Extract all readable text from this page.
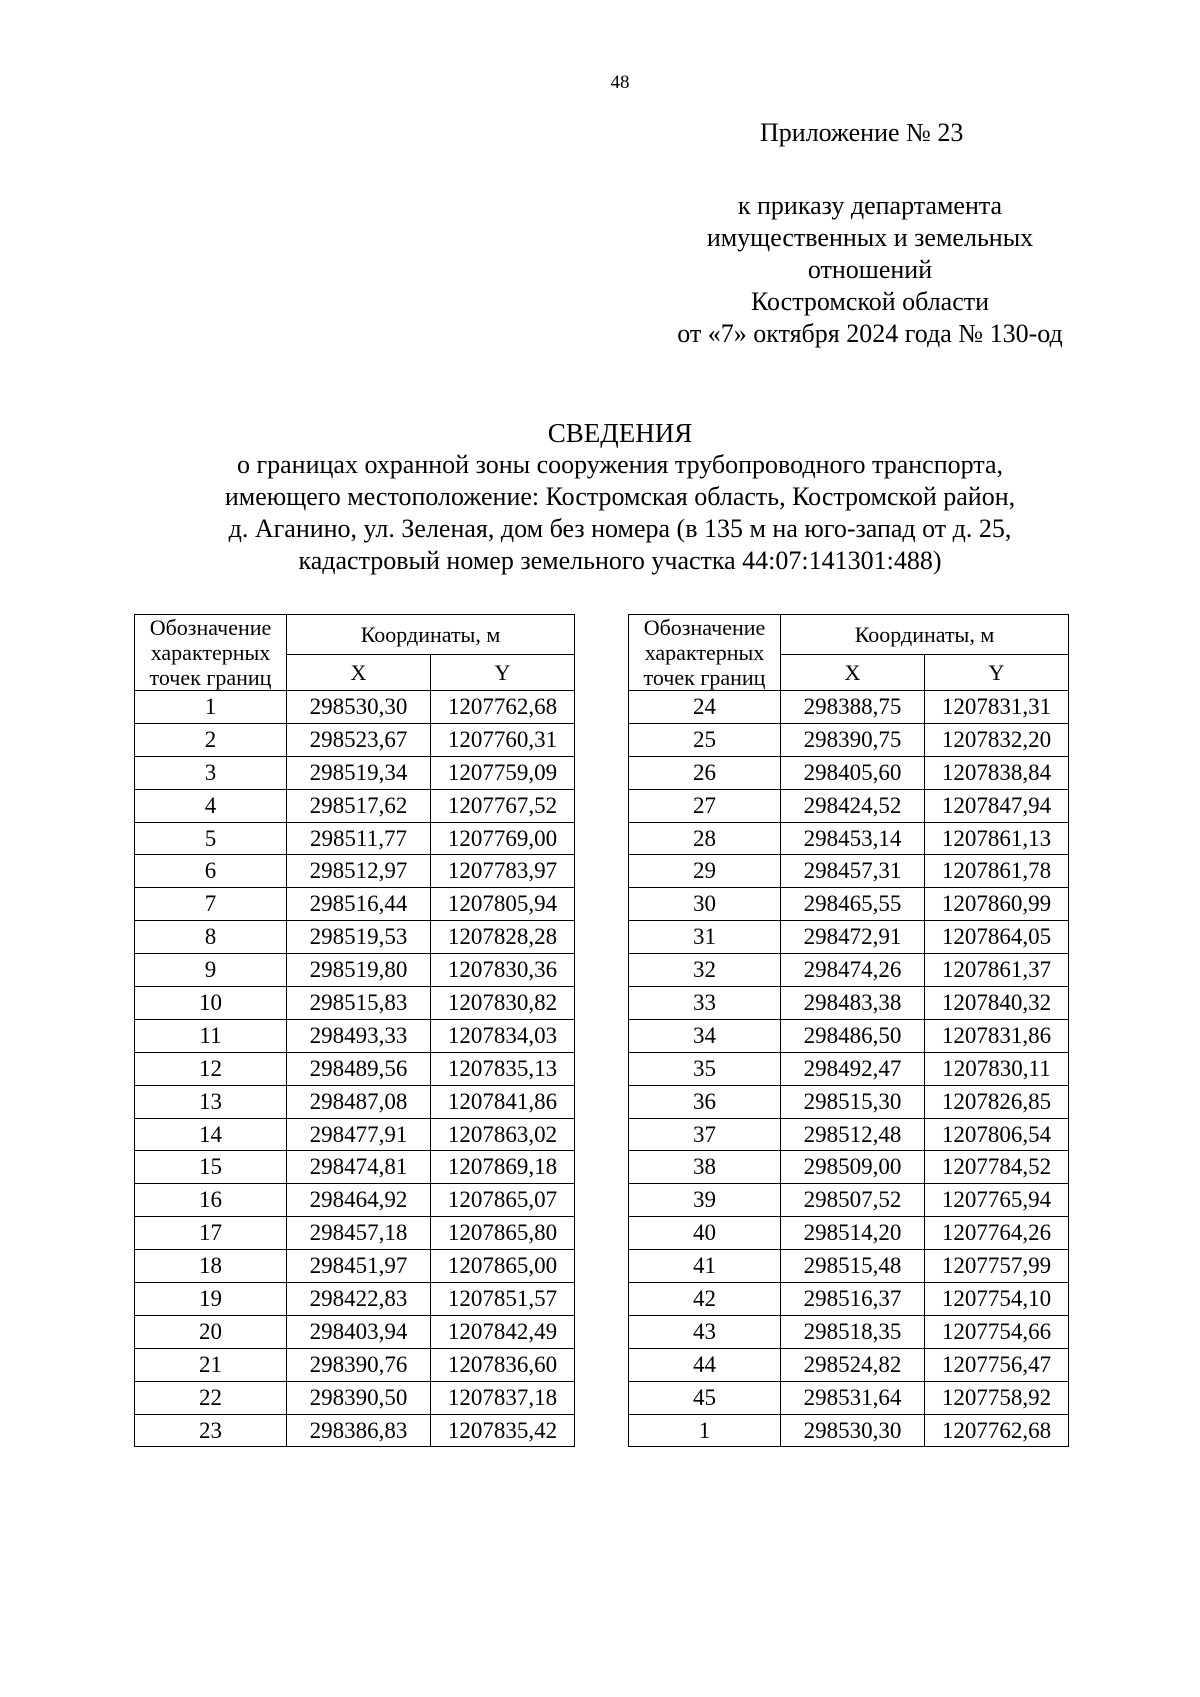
48
Приложение № 23
к приказу департамента
имущественных и земельных
отношений
Костромской области
от «7» октября 2024 года № 130-од
СВЕДЕНИЯ
о границах охранной зоны сооружения трубопроводного транспорта,
имеющего местоположение: Костромская область, Костромской район,
д. Аганино, ул. Зеленая, дом без номера (в 135 м на юго-запад от д. 25,
кадастровый номер земельного участка 44:07:141301:488)
Обозначение
характерных
точек границ	Координаты, м	
	X	Y
1	298530,30	1207762,68
2	298523,67	1207760,31
3	298519,34	1207759,09
4	298517,62	1207767,52
5	298511,77	1207769,00
6	298512,97	1207783,97
7	298516,44	1207805,94
8	298519,53	1207828,28
9	298519,80	1207830,36
10	298515,83	1207830,82
11	298493,33	1207834,03
12	298489,56	1207835,13
13	298487,08	1207841,86
14	298477,91	1207863,02
15	298474,81	1207869,18
16	298464,92	1207865,07
17	298457,18	1207865,80
18	298451,97	1207865,00
19	298422,83	1207851,57
20	298403,94	1207842,49
21	298390,76	1207836,60
22	298390,50	1207837,18
23	298386,83	1207835,42
Обозначение
характерных
точек границ	Координаты, м	
	X	Y
24	298388,75	1207831,31
25	298390,75	1207832,20
26	298405,60	1207838,84
27	298424,52	1207847,94
28	298453,14	1207861,13
29	298457,31	1207861,78
30	298465,55	1207860,99
31	298472,91	1207864,05
32	298474,26	1207861,37
33	298483,38	1207840,32
34	298486,50	1207831,86
35	298492,47	1207830,11
36	298515,30	1207826,85
37	298512,48	1207806,54
38	298509,00	1207784,52
39	298507,52	1207765,94
40	298514,20	1207764,26
41	298515,48	1207757,99
42	298516,37	1207754,10
43	298518,35	1207754,66
44	298524,82	1207756,47
45	298531,64	1207758,92
1	298530,30	1207762,68
